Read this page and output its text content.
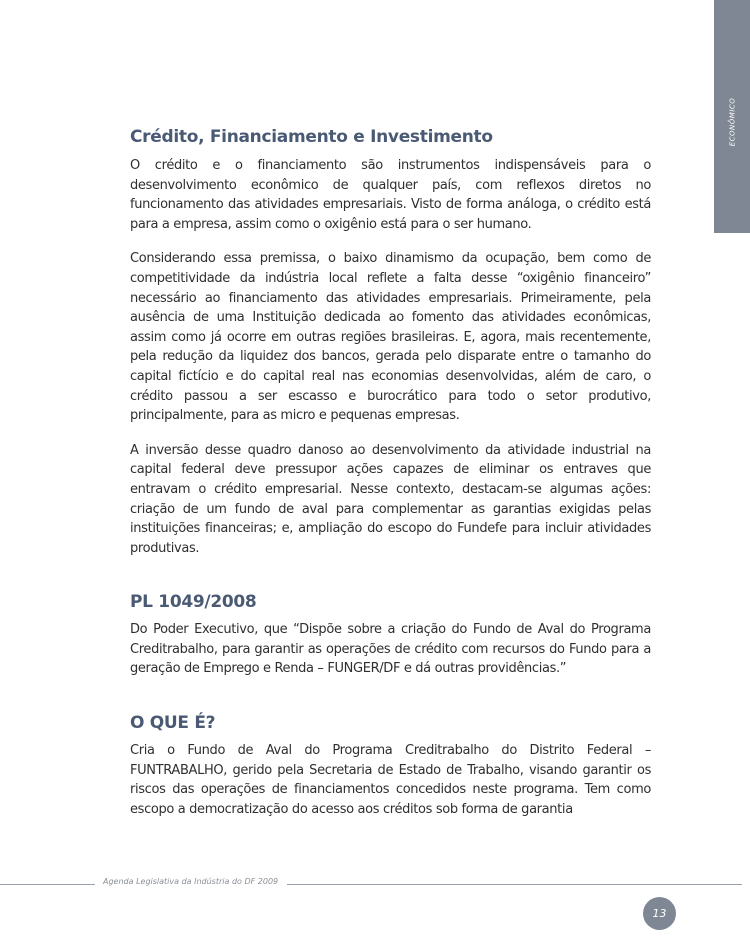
ECONÔMICO
Crédito, Financiamento e Investimento

O crédito e o financiamento são instrumentos indispensáveis para o desenvolvimento econômico de qualquer país, com reflexos diretos no funcionamento das atividades empresariais. Visto de forma análoga, o crédito está para a empresa, assim como o oxigênio está para o ser humano.

Considerando essa premissa, o baixo dinamismo da ocupação, bem como de competitividade da indústria local reflete a falta desse “oxigênio financeiro” necessário ao financiamento das atividades empresariais. Primeiramente, pela ausência de uma Instituição dedicada ao fomento das atividades econômicas, assim como já ocorre em outras regiões brasileiras. E, agora, mais recentemente, pela redução da liquidez dos bancos, gerada pelo disparate entre o tamanho do capital fictício e do capital real nas economias desenvolvidas, além de caro, o crédito passou a ser escasso e burocrático para todo o setor produtivo, principalmente, para as micro e pequenas empresas.

A inversão desse quadro danoso ao desenvolvimento da atividade industrial na capital federal deve pressupor ações capazes de eliminar os entraves que entravam o crédito empresarial. Nesse contexto, destacam-se algumas ações: criação de um fundo de aval para complementar as garantias exigidas pelas instituições financeiras; e, ampliação do escopo do Fundefe para incluir atividades produtivas.

PL 1049/2008

Do Poder Executivo, que “Dispõe sobre a criação do Fundo de Aval do Programa Creditrabalho, para garantir as operações de crédito com recursos do Fundo para a geração de Emprego e Renda – FUNGER/DF e dá outras providências.”

O QUE É?

Cria o Fundo de Aval do Programa Creditrabalho do Distrito Federal – FUNTRABALHO, gerido pela Secretaria de Estado de Trabalho, visando garantir os riscos das operações de financiamentos concedidos neste programa. Tem como escopo a democratização do acesso aos créditos sob forma de garantia

Agenda Legislativa da Indústria do DF 2009
13
